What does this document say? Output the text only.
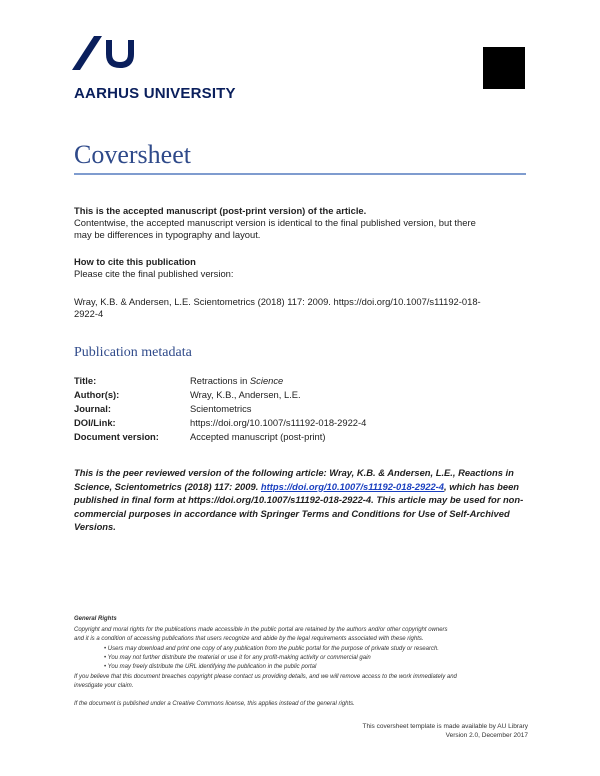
AARHUS UNIVERSITY
Coversheet
This is the accepted manuscript (post-print version) of the article.
Contentwise, the accepted manuscript version is identical to the final published version, but there
may be differences in typography and layout.
How to cite this publication
Please cite the final published version:
Wray, K.B. & Andersen, L.E. Scientometrics (2018) 117: 2009. https://doi.org/10.1007/s11192-018-
2922-4
Publication metadata
Title:	Retractions in Science
Author(s):	Wray, K.B., Andersen, L.E.
Journal:	Scientometrics
DOI/Link:	https://doi.org/10.1007/s11192-018-2922-4
Document version:	Accepted manuscript (post-print)
This is the peer reviewed version of the following article: Wray, K.B. & Andersen, L.E., Reactions in Science, Scientometrics (2018) 117: 2009. https://doi.org/10.1007/s11192-018-2922-4, which has been published in final form at https://doi.org/10.1007/s11192-018-2922-4. This article may be used for non-commercial purposes in accordance with Springer Terms and Conditions for Use of Self-Archived Versions.
General Rights
Copyright and moral rights for the publications made accessible in the public portal are retained by the authors and/or other copyright owners
and it is a condition of accessing publications that users recognize and abide by the legal requirements associated with these rights.
• Users may download and print one copy of any publication from the public portal for the purpose of private study or research.
• You may not further distribute the material or use it for any profit-making activity or commercial gain
• You may freely distribute the URL identifying the publication in the public portal
If you believe that this document breaches copyright please contact us providing details, and we will remove access to the work immediately and
investigate your claim.
If the document is published under a Creative Commons license, this applies instead of the general rights.
This coversheet template is made available by AU Library
Version 2.0, December 2017
